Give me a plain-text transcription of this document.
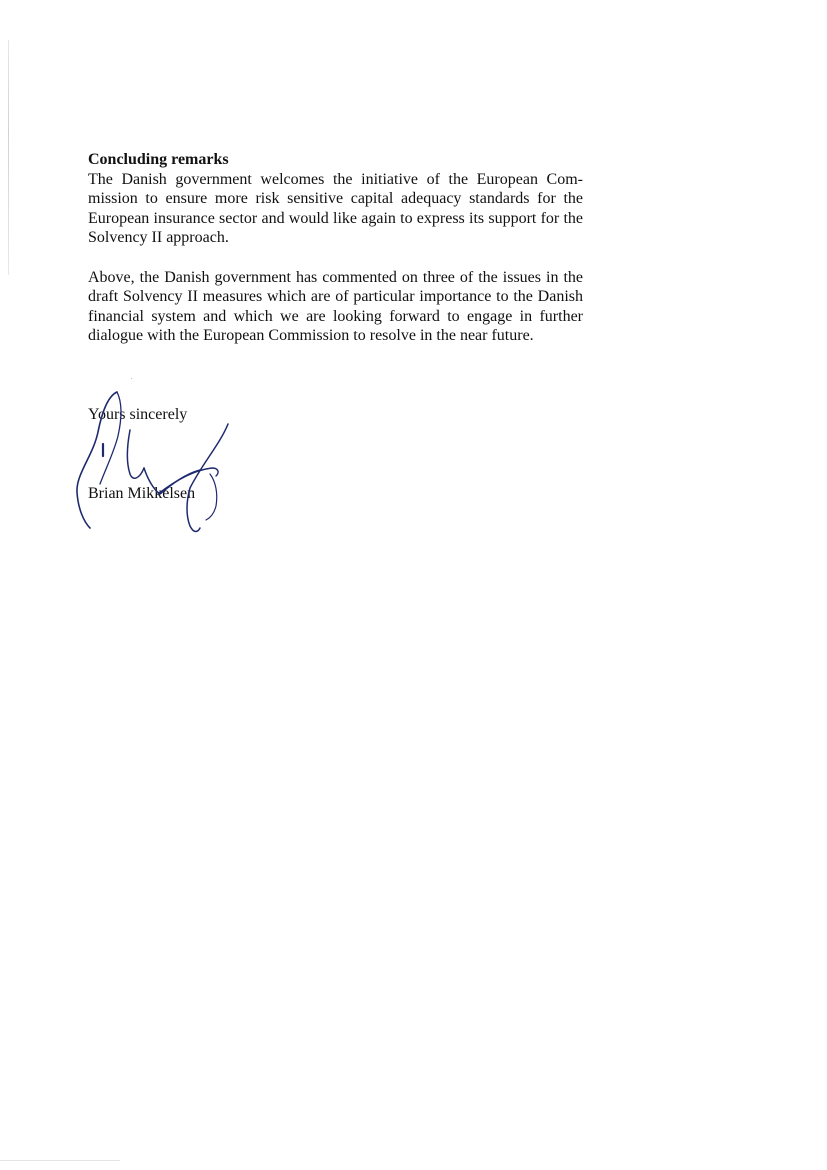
Concluding remarks

The Danish government welcomes the initiative of the European Commission to ensure more risk sensitive capital adequacy standards for the European insurance sector and would like again to express its support for the Solvency II approach.

Above, the Danish government has commented on three of the issues in the draft Solvency II measures which are of particular importance to the Danish financial system and which we are looking forward to engage in further dialogue with the European Commission to resolve in the near future.

Yours sincerely
Brian Mikkelsen
